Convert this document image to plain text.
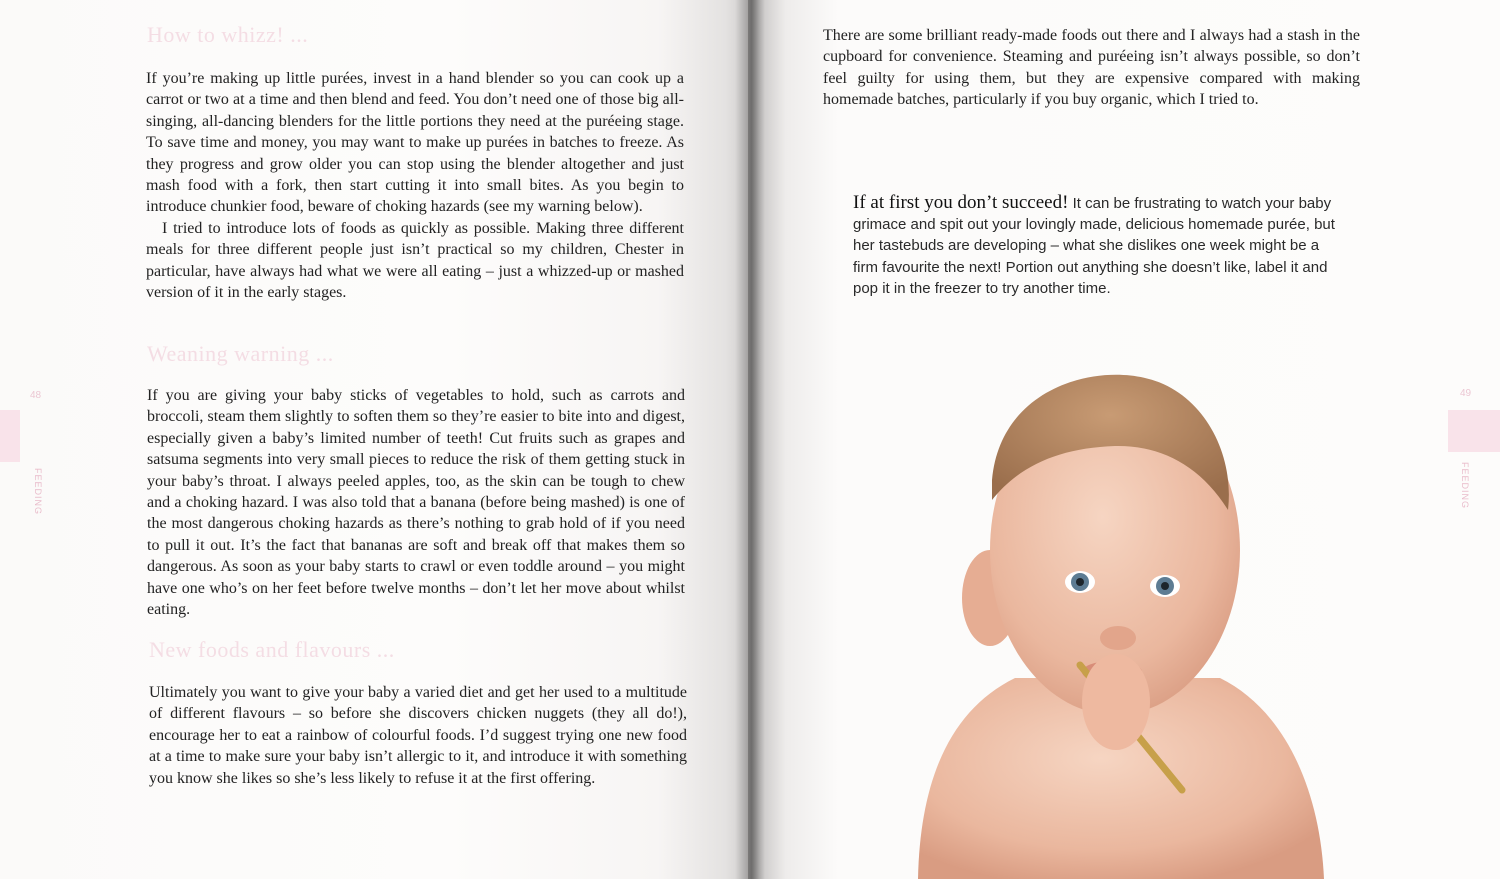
How to whizz! ...
If you’re making up little purées, invest in a hand blender so you can cook up a carrot or two at a time and then blend and feed. You don’t need one of those big all-singing, all-dancing blenders for the little portions they need at the puréeing stage. To save time and money, you may want to make up purées in batches to freeze. As they progress and grow older you can stop using the blender altogether and just mash food with a fork, then start cutting it into small bites. As you begin to introduce chunkier food, beware of choking hazards (see my warning below).
I tried to introduce lots of foods as quickly as possible. Making three different meals for three different people just isn’t practical so my children, Chester in particular, have always had what we were all eating – just a whizzed-up or mashed version of it in the early stages.
Weaning warning ...

If you are giving your baby sticks of vegetables to hold, such as carrots and broccoli, steam them slightly to soften them so they’re easier to bite into and digest, especially given a baby’s limited number of teeth! Cut fruits such as grapes and satsuma segments into very small pieces to reduce the risk of them getting stuck in your baby’s throat. I always peeled apples, too, as the skin can be tough to chew and a choking hazard. I was also told that a banana (before being mashed) is one of the most dangerous choking hazards as there’s nothing to grab hold of if you need to pull it out. It’s the fact that bananas are soft and break off that makes them so dangerous. As soon as your baby starts to crawl or even toddle around – you might have one who’s on her feet before twelve months – don’t let her move about whilst eating.

New foods and flavours ...

Ultimately you want to give your baby a varied diet and get her used to a multitude of different flavours – so before she discovers chicken nuggets (they all do!), encourage her to eat a rainbow of colourful foods. I’d suggest trying one new food at a time to make sure your baby isn’t allergic to it, and introduce it with something you know she likes so she’s less likely to refuse it at the first offering.

48
FEEDING
49
FEEDING

There are some brilliant ready-made foods out there and I always had a stash in the cupboard for convenience. Steaming and puréeing isn’t always possible, so don’t feel guilty for using them, but they are expensive compared with making homemade batches, particularly if you buy organic, which I tried to.

If at first you don’t succeed! It can be frustrating to watch your baby grimace and spit out your lovingly made, delicious homemade purée, but her tastebuds are developing – what she dislikes one week might be a firm favourite the next! Portion out anything she doesn’t like, label it and pop it in the freezer to try another time.
